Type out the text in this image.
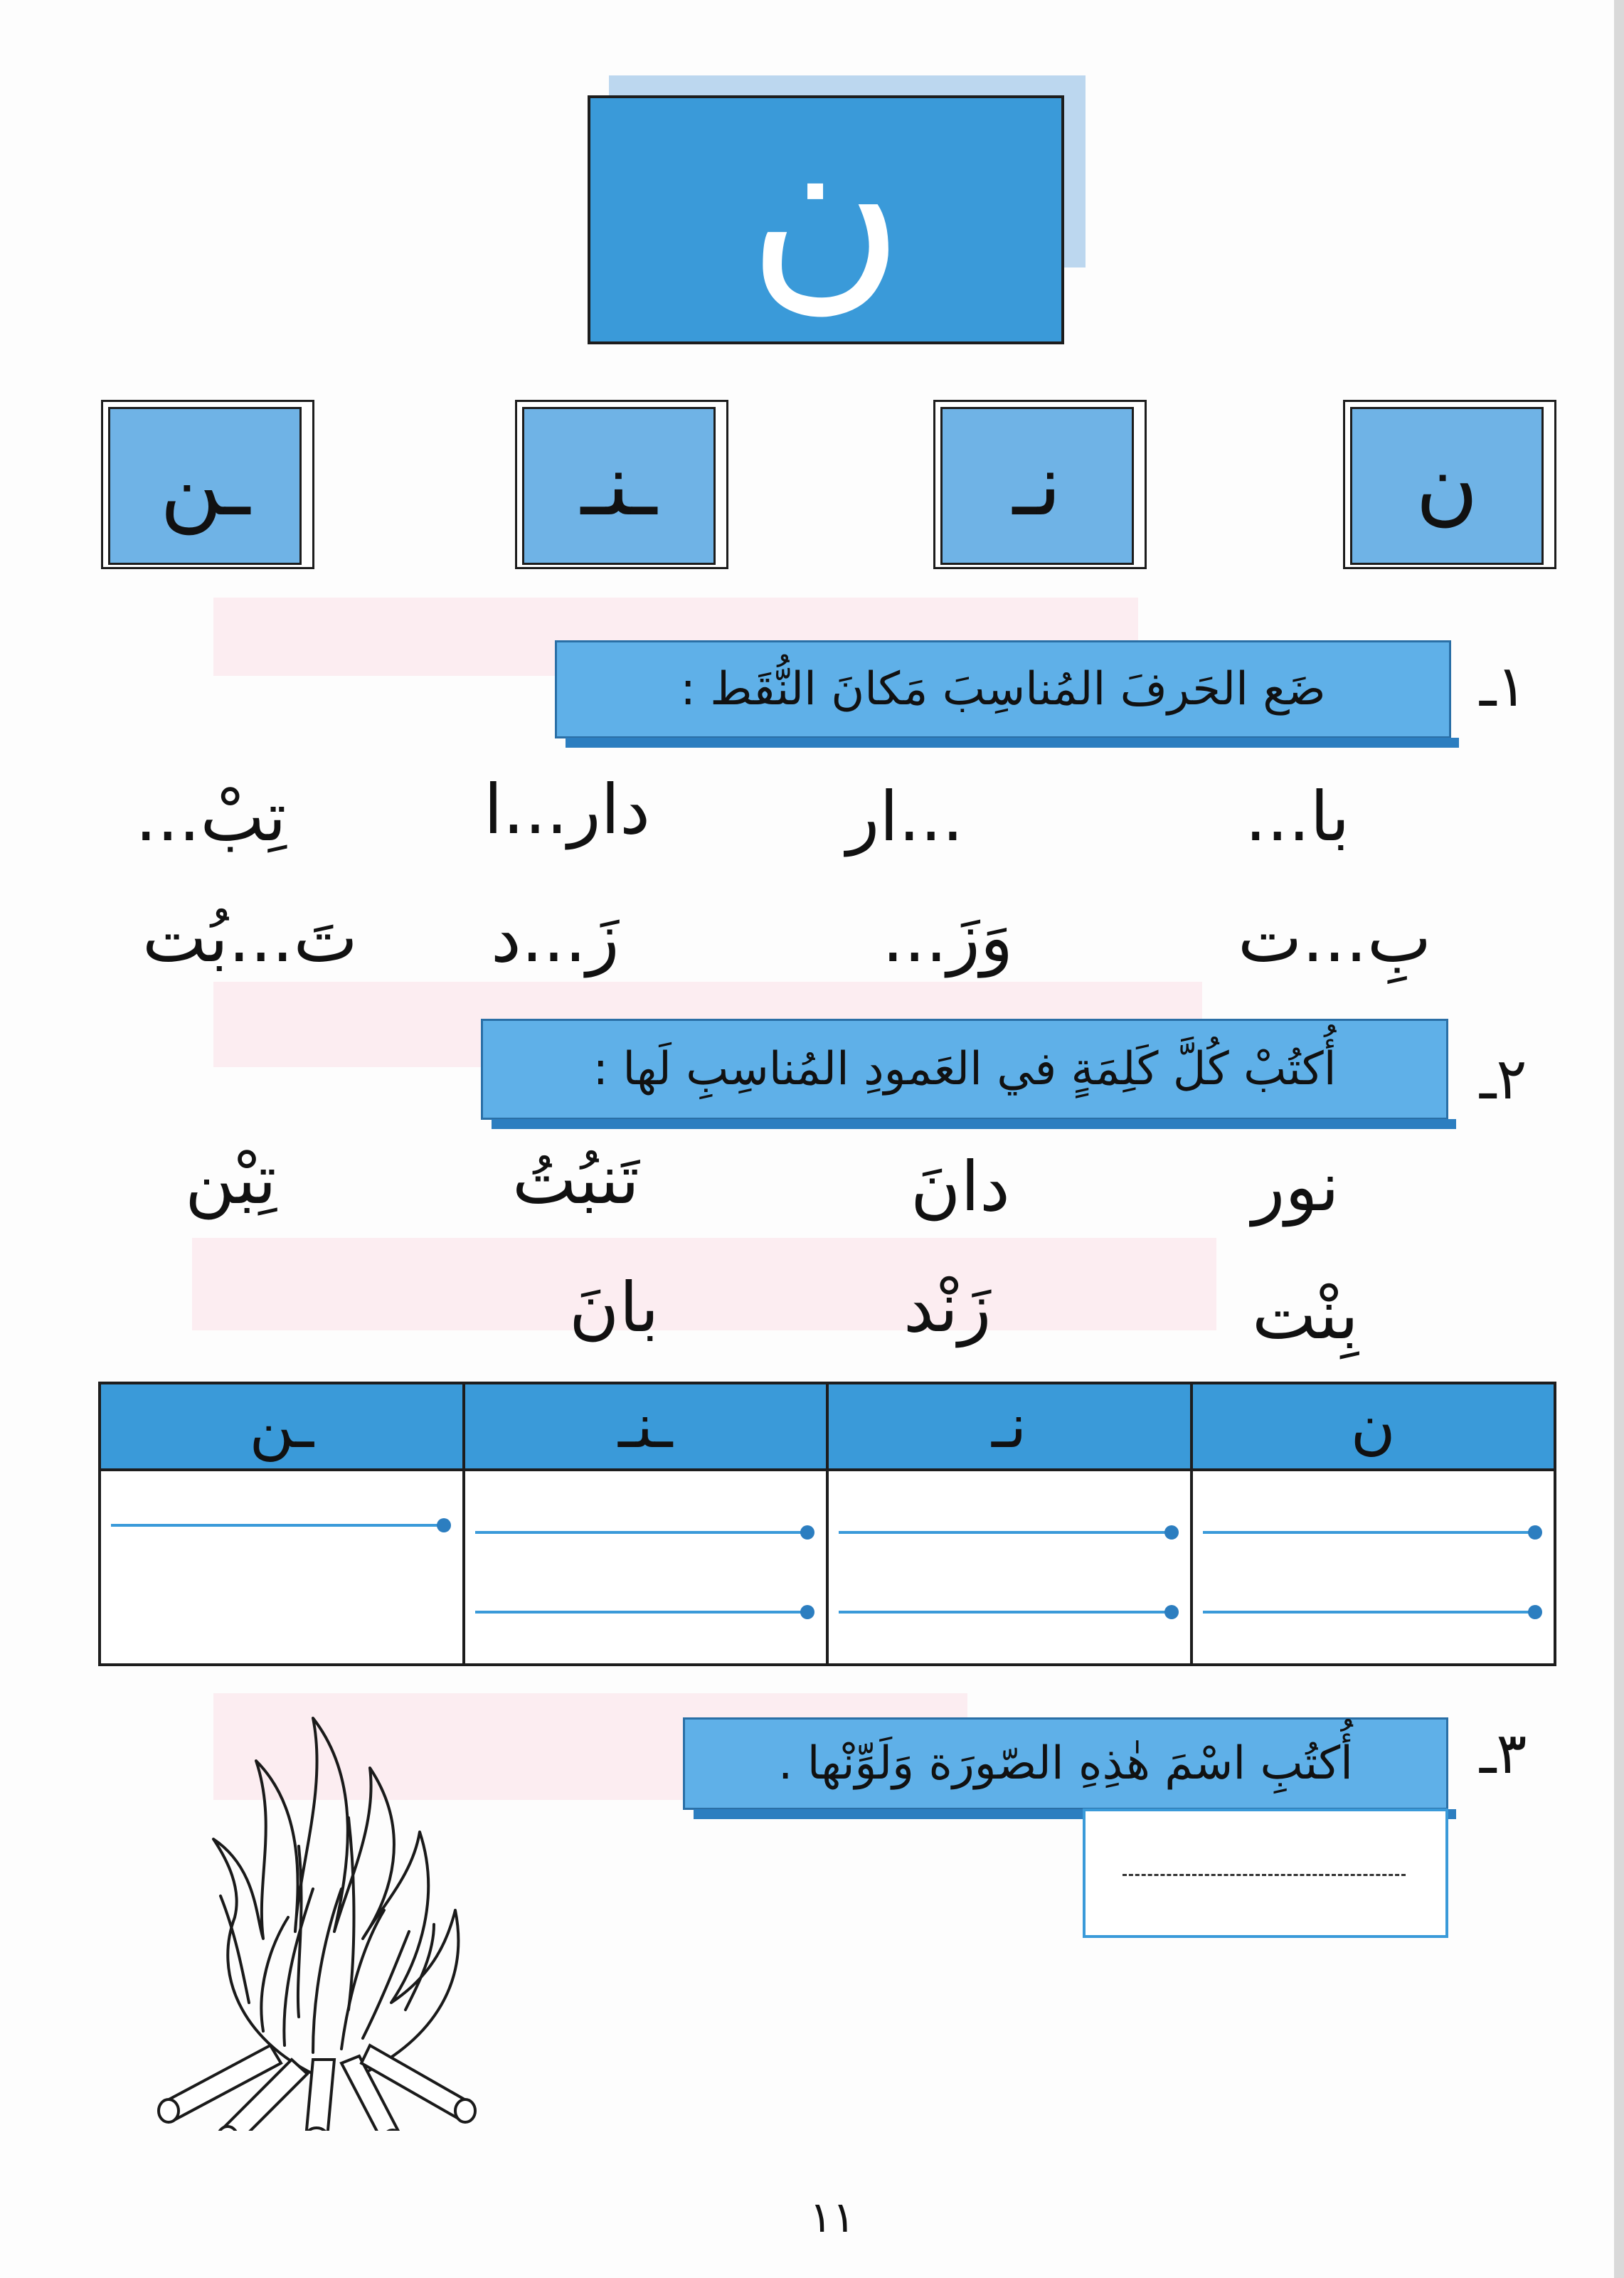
ن
ن
نـ
ـنـ
ـن
١ـ
ضَع الحَرفَ المُناسِبَ مَكانَ النُّقَط :
با...
...ار
دار...ا
تِبْ...
بِ...ت
وَزَ...
زَ...د
تَ...بُت
٢ـ
أُكتُبْ كُلَّ كَلِمَةٍ في العَمودِ المُناسِبِ لَها :
نور
دانَ
تَنبُتُ
تِبْن
بِنْت
زَنْد
بانَ
ن	نـ	ـنـ	ـن

٣ـ
أُكتُبِ اسْمَ هٰذِهِ الصّورَة وَلَوِّنْها .
١١
